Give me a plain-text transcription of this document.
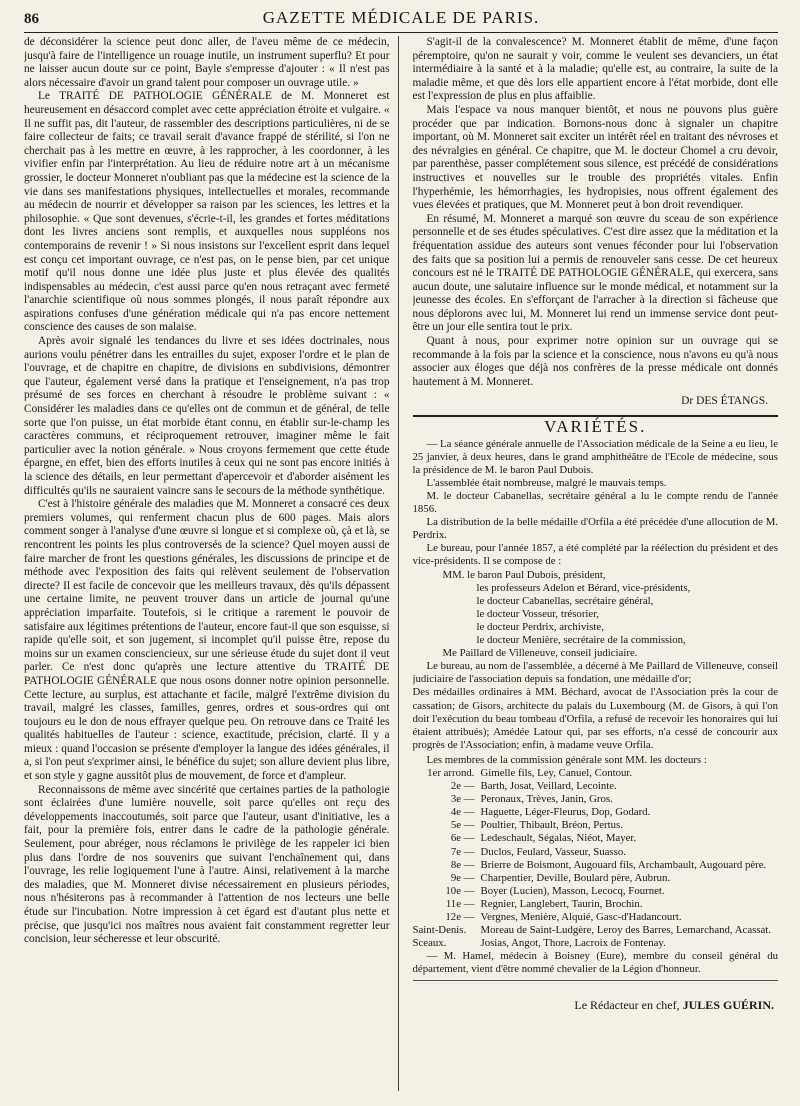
86	GAZETTE MÉDICALE DE PARIS.

de déconsidérer la science peut donc aller, de l'aveu même de ce médecin, jusqu'à faire de l'intelligence un rouage inutile, un instrument superflu? Et pour ne laisser aucun doute sur ce point, Bayle s'empresse d'ajouter : « Il n'est pas alors nécessaire d'avoir un grand talent pour composer un ouvrage utile. »

Le TRAITÉ DE PATHOLOGIE GÉNÉRALE de M. Monneret est heureusement en désaccord complet avec cette appréciation étroite et vulgaire. « Il ne suffit pas, dit l'auteur, de rassembler des descriptions particulières, ni de se faire collecteur de faits; ce travail serait d'avance frappé de stérilité, si l'on ne cherchait pas à les mettre en œuvre, à les rapprocher, à les coordonner, à les vivifier enfin par l'interprétation. Au lieu de réduire notre art à un mécanisme grossier, le docteur Monneret n'oubliant pas que la médecine est la science de la vie dans ses manifestations physiques, intellectuelles et morales, recommande au médecin de nourrir et développer sa raison par les sciences, les lettres et la philosophie. « Que sont devenues, s'écrie-t-il, les grandes et fortes méditations dont les livres anciens sont remplis, et auxquelles nous suppléons nos contemporains de revenir ! » Si nous insistons sur l'excellent esprit dans lequel est conçu cet important ouvrage, ce n'est pas, on le pense bien, par cet unique motif qu'il nous donne une idée plus juste et plus élevée des qualités indispensables au médecin, c'est aussi parce qu'en nous retraçant avec fermeté l'anarchie scientifique où nous sommes plongés, il nous paraît répondre aux aspirations confuses d'une génération médicale qui n'a pas encore nettement conscience des causes de son malaise.

Après avoir signalé les tendances du livre et ses idées doctrinales, nous aurions voulu pénétrer dans les entrailles du sujet, exposer l'ordre et le plan de l'ouvrage, et de chapitre en chapitre, de divisions en subdivisions, démontrer que l'auteur, également versé dans la pratique et l'enseignement, n'a pas trop présumé de ses forces en cherchant à résoudre le problème suivant : « Considérer les maladies dans ce qu'elles ont de commun et de général, de telle sorte que l'on puisse, un état morbide étant connu, en établir sur-le-champ les caractères communs, et réciproquement retrouver, imaginer même le fait particulier avec la notion générale. » Nous croyons fermement que cette étude épargne, en effet, bien des efforts inutiles à ceux qui ne sont pas encore initiés à la science des détails, en leur permettant d'apercevoir et d'aborder aisément les difficultés qu'ils ne sauraient vaincre sans le secours de la méthode synthétique.

C'est à l'histoire générale des maladies que M. Monneret a consacré ces deux premiers volumes, qui renferment chacun plus de 600 pages. Mais alors comment songer à l'analyse d'une œuvre si longue et si complexe où, çà et là, se rencontrent les points les plus controversés de la science? Quel moyen aussi de faire marcher de front les questions générales, les discussions de principe et de méthode avec l'exposition des faits qui relèvent seulement de l'observation directe? Il est facile de concevoir que les meilleurs travaux, dès qu'ils dépassent une certaine limite, ne peuvent trouver dans un article de journal qu'une appréciation imparfaite. Toutefois, si le critique a rarement le pouvoir de satisfaire aux légitimes prétentions de l'auteur, encore faut-il que son esquisse, si rapide qu'elle soit, et son jugement, si incomplet qu'il puisse être, repose du moins sur un examen consciencieux, sur une sérieuse étude du sujet dont il veut parler. Ce n'est donc qu'après une lecture attentive du TRAITÉ DE PATHOLOGIE GÉNÉRALE que nous osons donner notre opinion personnelle. Cette lecture, au surplus, est attachante et facile, malgré l'extrême division du travail, malgré les classes, familles, genres, ordres et sous-ordres qui ont toujours eu le don de nous effrayer quelque peu. On retrouve dans ce Traité les qualités habituelles de l'auteur : science, exactitude, précision, clarté. Il y a mieux : quand l'occasion se présente d'employer la langue des idées générales, il a, si l'on peut s'exprimer ainsi, le bénéfice du sujet; son allure devient plus libre, et son style y gagne aussitôt plus de mouvement, de force et d'ampleur.

Reconnaissons de même avec sincérité que certaines parties de la pathologie sont éclairées d'une lumière nouvelle, soit parce qu'elles ont reçu des développements inaccoutumés, soit parce que l'auteur, usant d'initiative, les a fait, pour la première fois, entrer dans le cadre de la pathologie générale. Seulement, pour abréger, nous réclamons le privilège de les rappeler ici bien plus dans l'ordre de nos souvenirs que suivant l'enchaînement qui, dans l'ouvrage, les relie logiquement l'une à l'autre. Ainsi, relativement à la marche des maladies, que M. Monneret divise nécessairement en plusieurs périodes, nous n'hésiterons pas à recommander à l'attention de nos lecteurs une belle étude sur l'incubation. Notre impression à cet égard est d'autant plus nette et précise, que jusqu'ici nos maîtres nous avaient fait constamment regretter leur concision, leur sécheresse et leur obscurité.

S'agit-il de la convalescence? M. Monneret établit de même, d'une façon péremptoire, qu'on ne saurait y voir, comme le veulent ses devanciers, un état intermédiaire à la santé et à la maladie; qu'elle est, au contraire, la suite de la maladie même, et que dès lors elle appartient encore à l'état morbide, dont elle est l'expression de plus en plus affaiblie.

Mais l'espace va nous manquer bientôt, et nous ne pouvons plus guère procéder que par indication. Bornons-nous donc à signaler un chapitre important, où M. Monneret sait exciter un intérêt réel en traitant des névroses et des névralgies en général. Ce chapitre, que M. le docteur Chomel a cru devoir, par parenthèse, passer complétement sous silence, est précédé de considérations instructives et nouvelles sur le trouble des propriétés vitales. Enfin l'hyperhémie, les hémorrhagies, les hydropisies, nous offrent également des vues élevées et pratiques, que M. Monneret peut à bon droit revendiquer.

En résumé, M. Monneret a marqué son œuvre du sceau de son expérience personnelle et de ses études spéculatives. C'est dire assez que la méditation et la fréquentation assidue des auteurs sont venues féconder pour lui l'observation des faits que sa position lui a permis de renouveler sans cesse. De cet heureux concours est né le TRAITÉ DE PATHOLOGIE GÉNÉRALE, qui exercera, sans aucun doute, une salutaire influence sur le monde médical, et notamment sur la jeunesse des écoles. En s'efforçant de l'arracher à la direction si fâcheuse que nous déplorons avec lui, M. Monneret lui rend un immense service dont peut-être un jour elle sentira tout le prix.

Quant à nous, pour exprimer notre opinion sur un ouvrage qui se recommande à la fois par la science et la conscience, nous n'avons eu qu'à nous associer aux éloges que déjà nos confrères de la presse médicale ont donnés hautement à M. Monneret.

Dr DES ÉTANGS.
VARIÉTÉS.

— La séance générale annuelle de l'Association médicale de la Seine a eu lieu, le 25 janvier, à deux heures, dans le grand amphithéâtre de l'Ecole de médecine, sous la présidence de M. le baron Paul Dubois.

L'assemblée était nombreuse, malgré le mauvais temps.

M. le docteur Cabanellas, secrétaire général a lu le compte rendu de l'année 1856.

La distribution de la belle médaille d'Orfila a été précédée d'une allocution de M. Perdrix.

Le bureau, pour l'année 1857, a été complété par la réélection du président et des vice-présidents. Il se compose de :

MM. le baron Paul Dubois, président,

les professeurs Adelon et Bérard, vice-présidents,

le docteur Cabanellas, secrétaire général,

le docteur Vosseur, trésorier,

le docteur Perdrix, archiviste,

le docteur Menière, secrétaire de la commission,

Me Paillard de Villeneuve, conseil judiciaire.

Le bureau, au nom de l'assemblée, a décerné à Me Paillard de Villeneuve, conseil judiciaire de l'association depuis sa fondation, une médaille d'or;

Des médailles ordinaires à MM. Béchard, avocat de l'Association près la cour de cassation; de Gisors, architecte du palais du Luxembourg (M. de Gisors, à qui l'on doit l'exécution du beau tombeau d'Orfila, a refusé de recevoir les honoraires qui lui étaient attribués); Amédée Latour qui, par ses efforts, n'a cessé de concourir aux progrès de l'Association; enfin, à madame veuve Orfila.

Les membres de la commission générale sont MM. les docteurs :

1er arrond.	Gimelle fils, Ley, Canuel, Contour.
2e —	Barth, Josat, Veillard, Lecointe.
3e —	Peronaux, Trèves, Janin, Gros.
4e —	Haguette, Léger-Fleurus, Dop, Godard.
5e —	Poultier, Thibault, Bréon, Pertus.
6e —	Ledeschault, Ségalas, Niéot, Mayer.
7e —	Duclos, Feulard, Vasseur, Suasso.
8e —	Brierre de Boismont, Augouard fils, Archambault, Augouard père.
9e —	Charpentier, Deville, Boulard père, Aubrun.
10e —	Boyer (Lucien), Masson, Lecocq, Fournet.
11e —	Regnier, Langlebert, Taurin, Brochin.
12e —	Vergnes, Menière, Alquié, Gasc-d'Hadancourt.
Saint-Denis.	Moreau de Saint-Ludgère, Leroy des Barres, Lemarchand, Acassat.
Sceaux.	Josias, Angot, Thore, Lacroix de Fontenay.

— M. Hamel, médecin à Boisney (Eure), membre du conseil général du département, vient d'être nommé chevalier de la Légion d'honneur.

Le Rédacteur en chef, JULES GUÉRIN.
